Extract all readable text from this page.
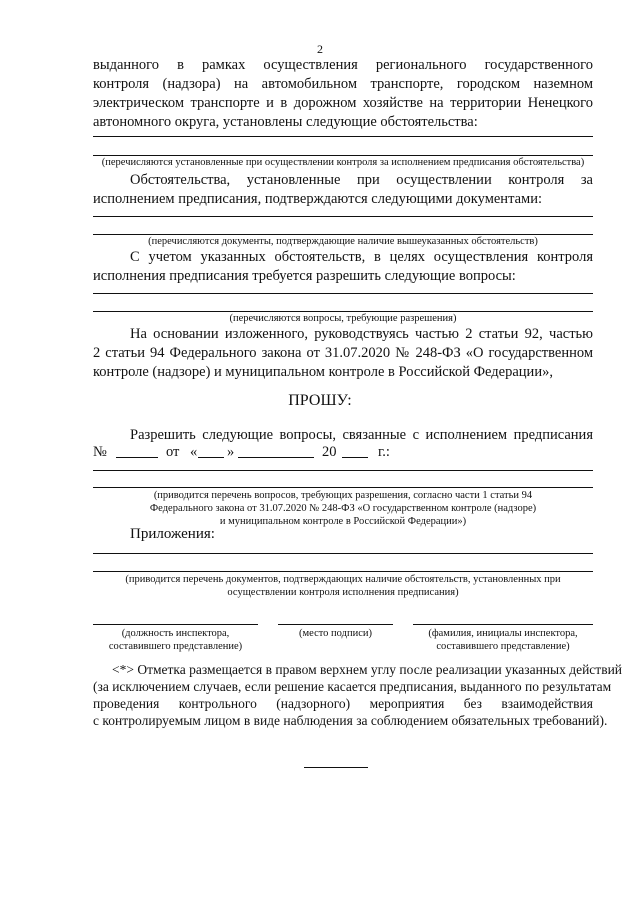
2
выданного в рамках осуществления регионального государственного
контроля (надзора) на автомобильном транспорте, городском наземном
электрическом транспорте и в дорожном хозяйстве на территории Ненецкого
автономного округа, установлены следующие обстоятельства:
(перечисляются установленные при осуществлении контроля за исполнением предписания обстоятельства)
Обстоятельства, установленные при осуществлении контроля за
исполнением предписания, подтверждаются следующими документами:
(перечисляются документы, подтверждающие наличие вышеуказанных обстоятельств)
С учетом указанных обстоятельств, в целях осуществления контроля
исполнения предписания требуется разрешить следующие вопросы:
(перечисляются вопросы, требующие разрешения)
На основании изложенного, руководствуясь частью 2 статьи 92, частью
2 статьи 94 Федерального закона от 31.07.2020 № 248-ФЗ «О государственном
контроле (надзоре) и муниципальном контроле в Российской Федерации»,
ПРОШУ:
Разрешить следующие вопросы, связанные с исполнением предписания
№	от « »	20	г.:
(приводится перечень вопросов, требующих разрешения, согласно части 1 статьи 94
Федерального закона от 31.07.2020 № 248-ФЗ «О государственном контроле (надзоре)
и муниципальном контроле в Российской Федерации»)
Приложения:
(приводится перечень документов, подтверждающих наличие обстоятельств, установленных при
осуществлении контроля исполнения предписания)
(должность инспектора,
составившего представление)
(место подписи)	(фамилия, инициалы инспектора,
составившего представление)
<*> Отметка размещается в правом верхнем углу после реализации указанных действий
(за исключением случаев, если решение касается предписания, выданного по результатам
проведения контрольного (надзорного) мероприятия без взаимодействия
с контролируемым лицом в виде наблюдения за соблюдением обязательных требований).
